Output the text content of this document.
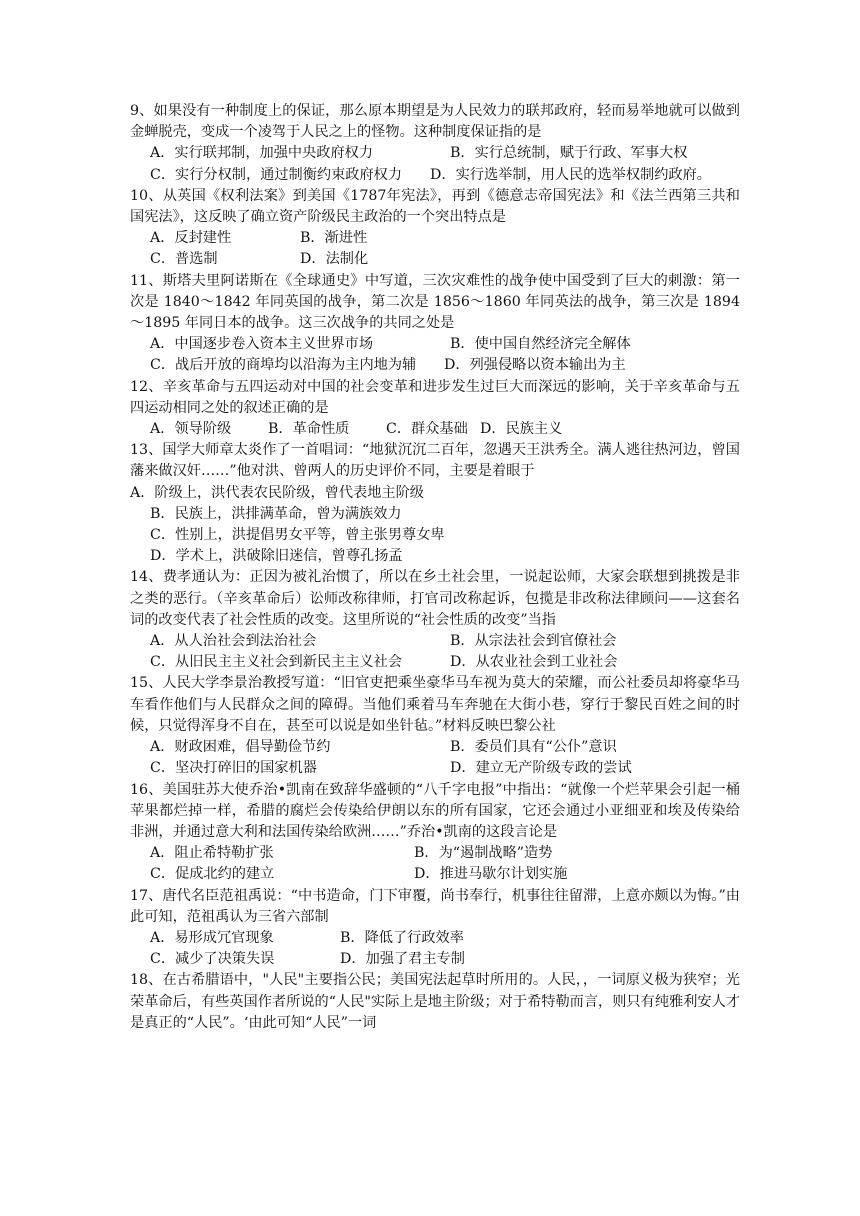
9、如果没有一种制度上的保证，那么原本期望是为人民效力的联邦政府，轻而易举地就可以做到金蝉脱壳，变成一个凌驾于人民之上的怪物。这种制度保证指的是
A．实行联邦制，加强中央政府权力	B．实行总统制，赋于行政、军事大权
C．实行分权制，通过制衡约束政府权力 D．实行选举制，用人民的选举权制约政府。
10、从英国《权利法案》到美国《1787年宪法》，再到《德意志帝国宪法》和《法兰西第三共和国宪法》，这反映了确立资产阶级民主政治的一个突出特点是
A．反封建性	B．渐进性
C．普选制	D．法制化
11、斯塔夫里阿诺斯在《全球通史》中写道，三次灾难性的战争使中国受到了巨大的刺激：第一次是 1840～1842 年同英国的战争，第二次是 1856～1860 年同英法的战争，第三次是 1894～1895 年同日本的战争。这三次战争的共同之处是
A．中国逐步卷入资本主义世界市场	B．使中国自然经济完全解体
C．战后开放的商埠均以沿海为主内地为辅 D．列强侵略以资本输出为主
12、辛亥革命与五四运动对中国的社会变革和进步发生过巨大而深远的影响，关于辛亥革命与五四运动相同之处的叙述正确的是
A．领导阶级	B．革命性质	C．群众基础 D．民族主义
13、国学大师章太炎作了一首唱词：“地狱沉沉二百年，忽遇天王洪秀全。满人逃往热河边，曾国藩来做汉奸……”他对洪、曾两人的历史评价不同，主要是着眼于
A．阶级上，洪代表农民阶级，曾代表地主阶级
B．民族上，洪排满革命，曾为满族效力
C．性别上，洪提倡男女平等，曾主张男尊女卑
D．学术上，洪破除旧迷信，曾尊孔扬孟
14、费孝通认为：正因为被礼治惯了，所以在乡土社会里，一说起讼师，大家会联想到挑拨是非之类的恶行。（辛亥革命后）讼师改称律师，打官司改称起诉，包揽是非改称法律顾问——这套名词的改变代表了社会性质的改变。这里所说的“社会性质的改变”当指
A．从人治社会到法治社会	B．从宗法社会到官僚社会
C．从旧民主主义社会到新民主主义社会	D．从农业社会到工业社会
15、人民大学李景治教授写道：“旧官吏把乘坐豪华马车视为莫大的荣耀，而公社委员却将豪华马车看作他们与人民群众之间的障碍。当他们乘着马车奔驰在大街小巷，穿行于黎民百姓之间的时候，只觉得浑身不自在，甚至可以说是如坐针毡。”材料反映巴黎公社
A．财政困难，倡导勤俭节约	B．委员们具有“公仆”意识
C．坚决打碎旧的国家机器	D．建立无产阶级专政的尝试
16、美国驻苏大使乔治•凯南在致辞华盛顿的“八千字电报”中指出：“就像一个烂苹果会引起一桶苹果都烂掉一样，希腊的腐烂会传染给伊朗以东的所有国家，它还会通过小亚细亚和埃及传染给非洲，并通过意大利和法国传染给欧洲……”乔治•凯南的这段言论是
A．阻止希特勒扩张	B．为“遏制战略”造势
C．促成北约的建立	D．推进马歇尔计划实施
17、唐代名臣范祖禹说：“中书造命，门下审覆，尚书奉行，机事往往留滞，上意亦颇以为悔。”由此可知，范祖禹认为三省六部制
A．易形成冗官现象	B．降低了行政效率
C．减少了决策失误	D．加强了君主专制
18、在古希腊语中，"人民"主要指公民；美国宪法起草时所用的。人民，，一词原义极为狭窄；光荣革命后，有些英国作者所说的“人民"实际上是地主阶级；对于希特勒而言，则只有纯雅利安人才是真正的“人民”。‘由此可知“人民”一词
